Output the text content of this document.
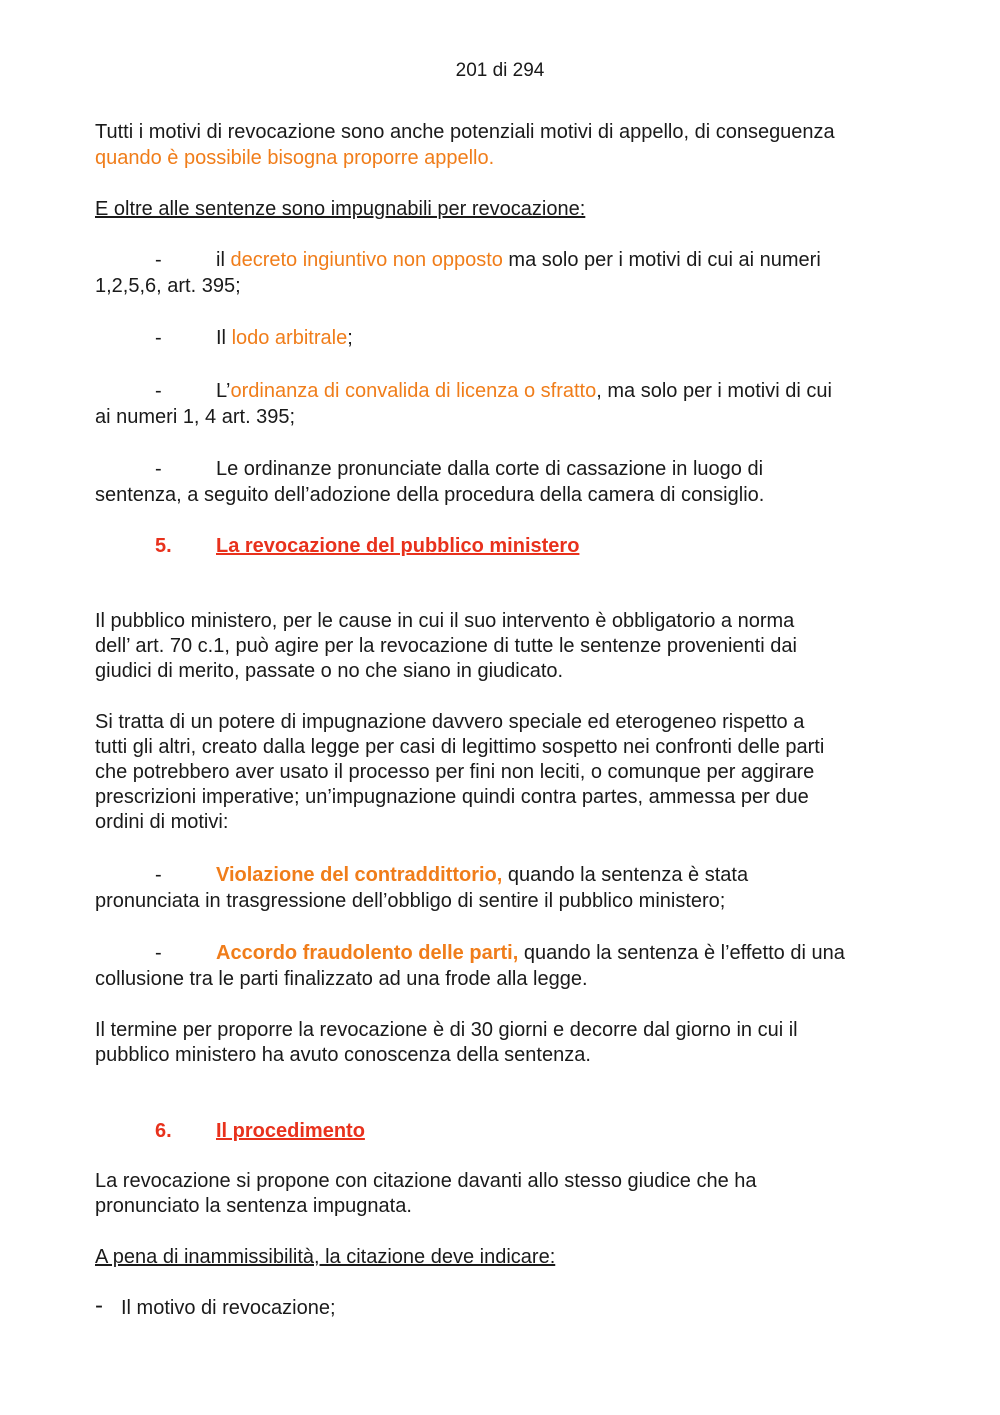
201 di 294
Tutti i motivi di revocazione sono anche potenziali motivi di appello, di conseguenza
quando è possibile bisogna proporre appello.
E oltre alle sentenze sono impugnabili per revocazione:
-	il decreto ingiuntivo non opposto ma solo per i motivi di cui ai numeri
1,2,5,6, art. 395;
-	Il lodo arbitrale;
-	L’ordinanza di convalida di licenza o sfratto, ma solo per i motivi di cui
ai numeri 1, 4 art. 395;
-	Le ordinanze pronunciate dalla corte di cassazione in luogo di
sentenza, a seguito dell’adozione della procedura della camera di consiglio.
5. La revocazione del pubblico ministero
Il pubblico ministero, per le cause in cui il suo intervento è obbligatorio a norma
dell’ art. 70 c.1, può agire per la revocazione di tutte le sentenze provenienti dai
giudici di merito, passate o no che siano in giudicato.
Si tratta di un potere di impugnazione davvero speciale ed eterogeneo rispetto a
tutti gli altri, creato dalla legge per casi di legittimo sospetto nei confronti delle parti
che potrebbero aver usato il processo per fini non leciti, o comunque per aggirare
prescrizioni imperative; un’impugnazione quindi contra partes, ammessa per due
ordini di motivi:
-	Violazione del contraddittorio, quando la sentenza è stata
pronunciata in trasgressione dell’obbligo di sentire il pubblico ministero;
-	Accordo fraudolento delle parti, quando la sentenza è l’effetto di una
collusione tra le parti finalizzato ad una frode alla legge.
Il termine per proporre la revocazione è di 30 giorni e decorre dal giorno in cui il
pubblico ministero ha avuto conoscenza della sentenza.
6. Il procedimento
La revocazione si propone con citazione davanti allo stesso giudice che ha
pronunciato la sentenza impugnata.
A pena di inammissibilità, la citazione deve indicare:
- Il motivo di revocazione;
